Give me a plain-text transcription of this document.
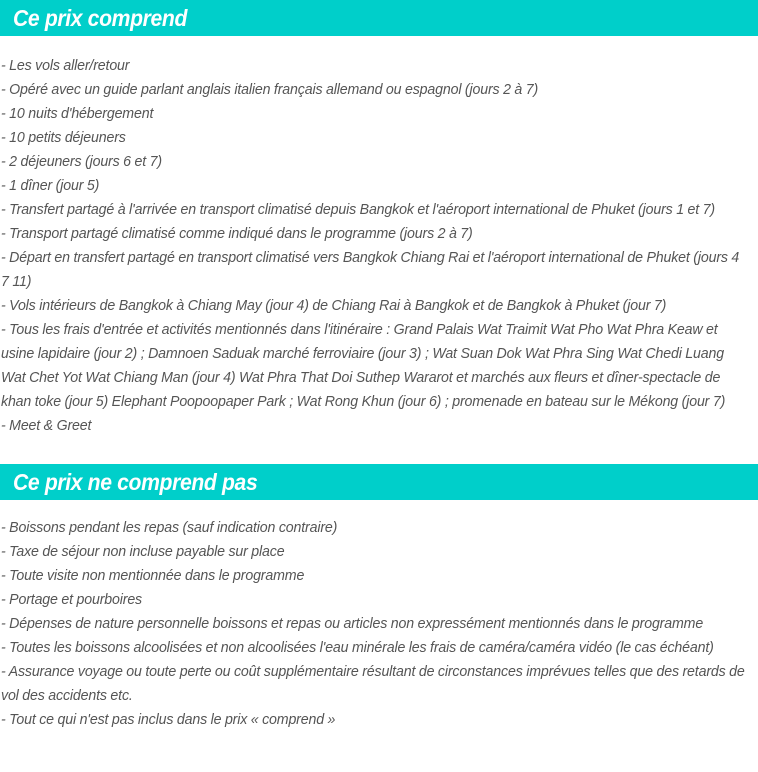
Ce prix comprend
- Les vols aller/retour
- Opéré avec un guide parlant anglais italien français allemand ou espagnol (jours 2 à 7)
- 10 nuits d'hébergement
- 10 petits déjeuners
- 2 déjeuners (jours 6 et 7)
- 1 dîner (jour 5)
- Transfert partagé à l'arrivée en transport climatisé depuis Bangkok et l'aéroport international de Phuket (jours 1 et 7)
- Transport partagé climatisé comme indiqué dans le programme (jours 2 à 7)
- Départ en transfert partagé en transport climatisé vers Bangkok Chiang Rai et l'aéroport international de Phuket (jours 4 7 11)
- Vols intérieurs de Bangkok à Chiang May (jour 4) de Chiang Rai à Bangkok et de Bangkok à Phuket (jour 7)
- Tous les frais d'entrée et activités mentionnés dans l'itinéraire : Grand Palais Wat Traimit Wat Pho Wat Phra Keaw et usine lapidaire (jour 2) ; Damnoen Saduak marché ferroviaire (jour 3) ; Wat Suan Dok Wat Phra Sing Wat Chedi Luang Wat Chet Yot Wat Chiang Man (jour 4) Wat Phra That Doi Suthep Wararot et marchés aux fleurs et dîner-spectacle de khan toke (jour 5) Elephant Poopoopaper Park ; Wat Rong Khun (jour 6) ; promenade en bateau sur le Mékong (jour 7)
- Meet & Greet
Ce prix ne comprend pas
- Boissons pendant les repas (sauf indication contraire)
- Taxe de séjour non incluse payable sur place
- Toute visite non mentionnée dans le programme
- Portage et pourboires
- Dépenses de nature personnelle boissons et repas ou articles non expressément mentionnés dans le programme
- Toutes les boissons alcoolisées et non alcoolisées l'eau minérale les frais de caméra/caméra vidéo (le cas échéant)
- Assurance voyage ou toute perte ou coût supplémentaire résultant de circonstances imprévues telles que des retards de vol des accidents etc.
- Tout ce qui n'est pas inclus dans le prix « comprend »
